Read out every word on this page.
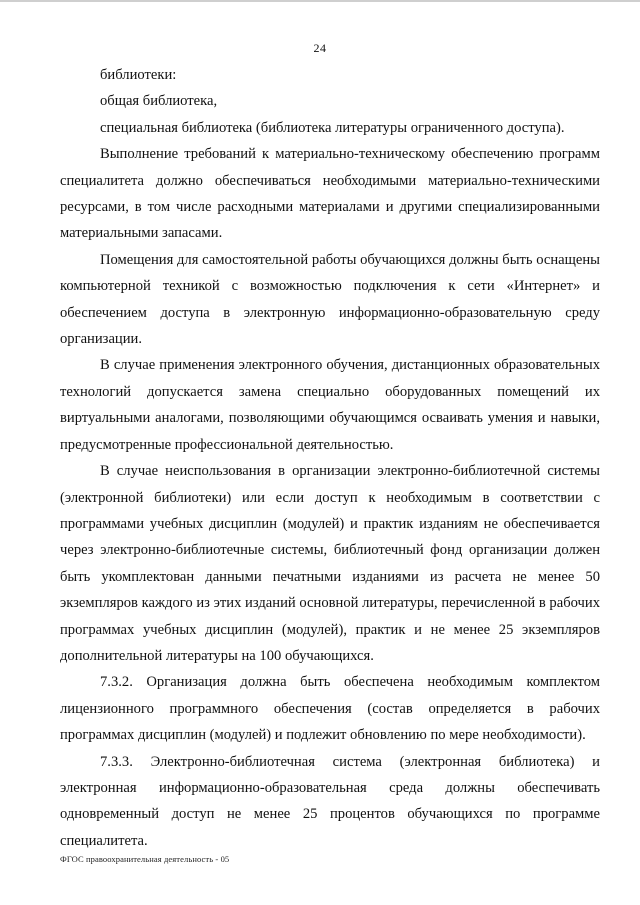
24

библиотеки:

общая библиотека,

специальная библиотека (библиотека литературы ограниченного доступа).

Выполнение требований к материально-техническому обеспечению программ специалитета должно обеспечиваться необходимыми материально-техническими ресурсами, в том числе расходными материалами и другими специализированными материальными запасами.

Помещения для самостоятельной работы обучающихся должны быть оснащены компьютерной техникой с возможностью подключения к сети «Интернет» и обеспечением доступа в электронную информационно-образовательную среду организации.

В случае применения электронного обучения, дистанционных образовательных технологий допускается замена специально оборудованных помещений их виртуальными аналогами, позволяющими обучающимся осваивать умения и навыки, предусмотренные профессиональной деятельностью.

В случае неиспользования в организации электронно-библиотечной системы (электронной библиотеки) или если доступ к необходимым в соответствии с программами учебных дисциплин (модулей) и практик изданиям не обеспечивается через электронно-библиотечные системы, библиотечный фонд организации должен быть укомплектован данными печатными изданиями из расчета не менее 50 экземпляров каждого из этих изданий основной литературы, перечисленной в рабочих программах учебных дисциплин (модулей), практик и не менее 25 экземпляров дополнительной литературы на 100 обучающихся.

7.3.2. Организация должна быть обеспечена необходимым комплектом лицензионного программного обеспечения (состав определяется в рабочих программах дисциплин (модулей) и подлежит обновлению по мере необходимости).

7.3.3. Электронно-библиотечная система (электронная библиотека) и электронная информационно-образовательная среда должны обеспечивать одновременный доступ не менее 25 процентов обучающихся по программе специалитета.

ФГОС правоохранительная деятельность - 05
